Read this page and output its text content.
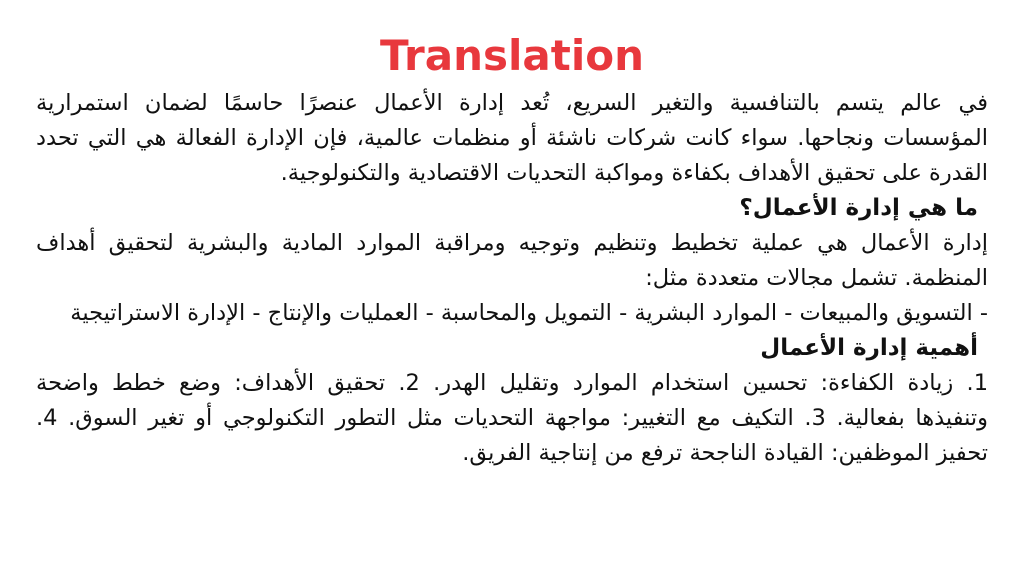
Translation

في عالم يتسم بالتنافسية والتغير السريع، تُعد إدارة الأعمال عنصرًا حاسمًا لضمان استمرارية المؤسسات ونجاحها. سواء كانت شركات ناشئة أو منظمات عالمية، فإن الإدارة الفعالة هي التي تحدد القدرة على تحقيق الأهداف بكفاءة ومواكبة التحديات الاقتصادية والتكنولوجية.

ما هي إدارة الأعمال؟

إدارة الأعمال هي عملية تخطيط وتنظيم وتوجيه ومراقبة الموارد المادية والبشرية لتحقيق أهداف المنظمة. تشمل مجالات متعددة مثل:

- التسويق والمبيعات - الموارد البشرية - التمويل والمحاسبة - العمليات والإنتاج - الإدارة الاستراتيجية

أهمية إدارة الأعمال

1. زيادة الكفاءة: تحسين استخدام الموارد وتقليل الهدر. 2. تحقيق الأهداف: وضع خطط واضحة وتنفيذها بفعالية. 3. التكيف مع التغيير: مواجهة التحديات مثل التطور التكنولوجي أو تغير السوق. 4. تحفيز الموظفين: القيادة الناجحة ترفع من إنتاجية الفريق.
